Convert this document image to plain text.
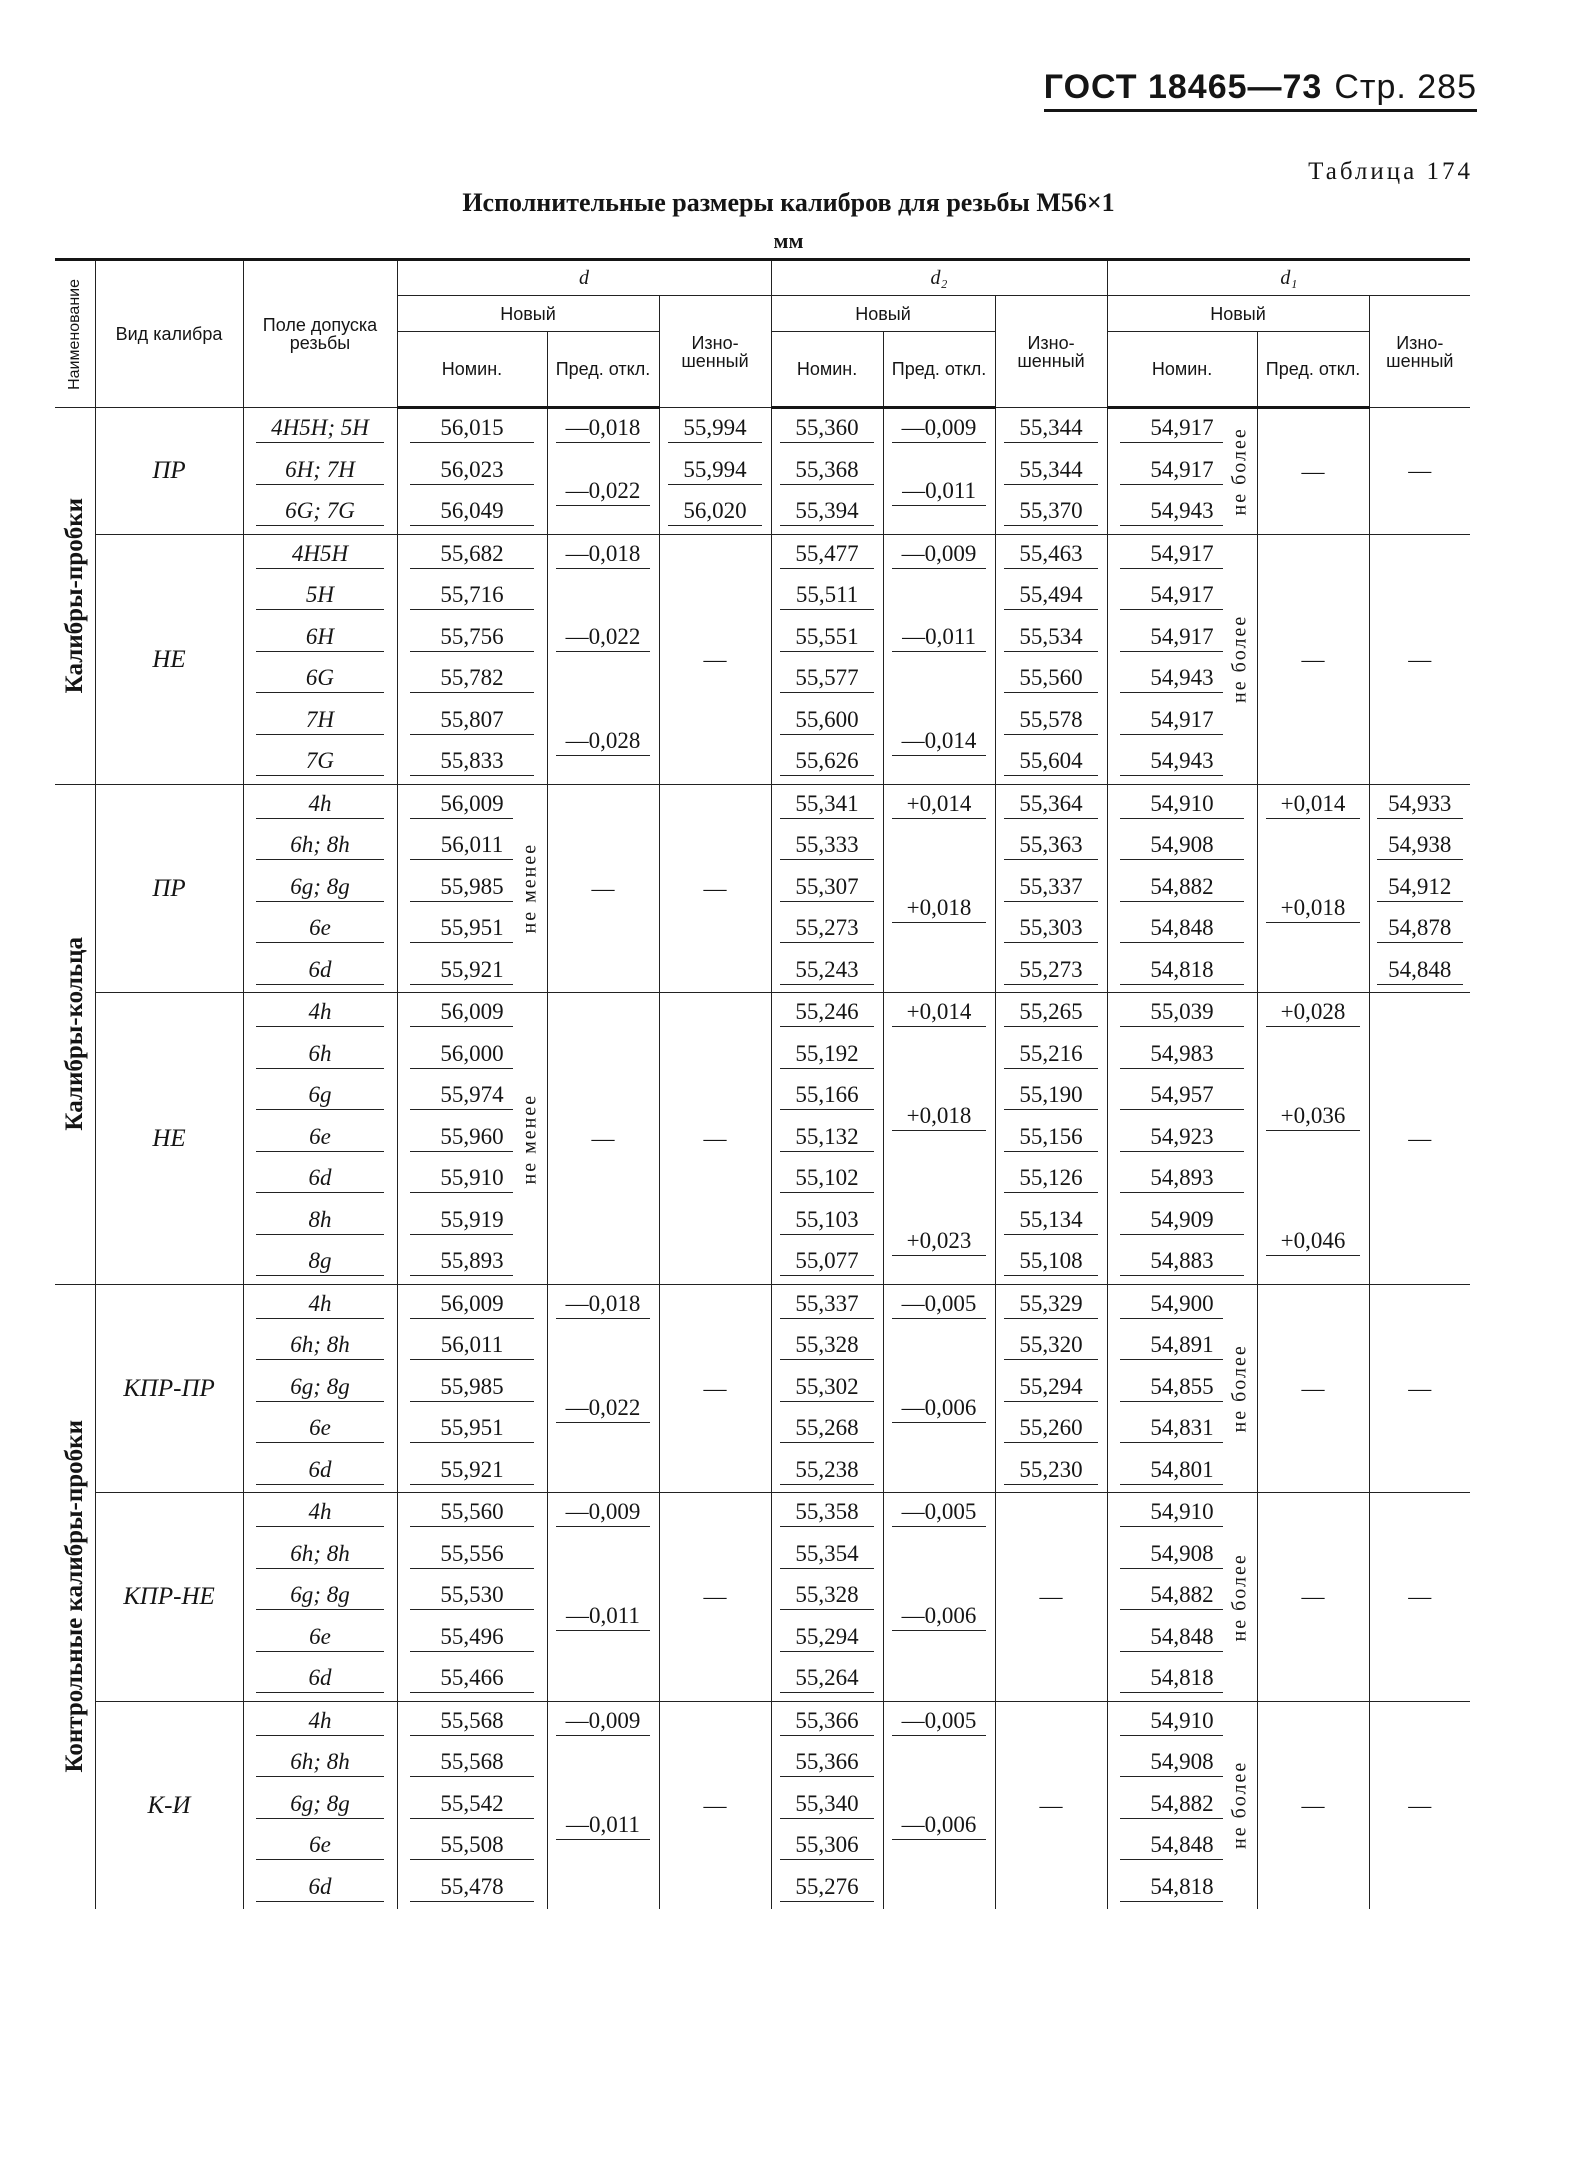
ГОСТ 18465—73 Стр. 285
Таблица 174
Исполнительные размеры калибров для резьбы М56×1
мм
Наименование	Вид калибра	Поле допуска резьбы	d			d₂			d₁		
			Новый		Изно-шенный	Новый		Изно-шенный	Новый		Изно-шенный
			Номин.	Пред. откл.		Номин.	Пред. откл.		Номин.	Пред. откл.	

Калибры-пробки	ПР	4H5H; 5H	56,015	—0,018	55,994	55,360	—0,009	55,344	54,917	—	—
		6H; 7H	56,023	—0,022	55,994	55,368	—0,011	55,344	54,917		
		6G; 7G	56,049		56,020	55,394		55,370	54,943		
	НЕ	4H5H	55,682	—0,018	—	55,477	—0,009	55,463	54,917	—	—
		5H	55,716	—0,022		55,511	—0,011	55,494	54,917		
		6H	55,756			55,551		55,534	54,917		
		6G	55,782			55,577		55,560	54,943		
		7H	55,807	—0,028		55,600	—0,014	55,578	54,917		
		7G	55,833			55,626		55,604	54,943		

Калибры-кольца	ПР	4h	56,009	—	—	55,341	+0,014	55,364	54,910	+0,014	54,933
		6h; 8h	56,011			55,333	+0,018	55,363	54,908	+0,018	54,938
		6g; 8g	55,985			55,307		55,337	54,882		54,912
		6e	55,951			55,273		55,303	54,848		54,878
		6d	55,921			55,243		55,273	54,818		54,848
	НЕ	4h	56,009	—	—	55,246	+0,014	55,265	55,039	+0,028	—
		6h	56,000			55,192	+0,018	55,216	54,983	+0,036	
		6g	55,974			55,166		55,190	54,957		
		6e	55,960			55,132		55,156	54,923		
		6d	55,910			55,102		55,126	54,893		
		8h	55,919			55,103	+0,023	55,134	54,909	+0,046	
		8g	55,893			55,077		55,108	54,883		

Контрольные калибры-пробки	КПР-ПР	4h	56,009	—0,018	—	55,337	—0,005	55,329	54,900	—	—
		6h; 8h	56,011	—0,022		55,328	—0,006	55,320	54,891		
		6g; 8g	55,985			55,302		55,294	54,855		
		6e	55,951			55,268		55,260	54,831		
		6d	55,921			55,238		55,230	54,801		
	КПР-НЕ	4h	55,560	—0,009	—	55,358	—0,005	—	54,910	—	—
		6h; 8h	55,556	—0,011		55,354	—0,006		54,908		
		6g; 8g	55,530			55,328			54,882		
		6e	55,496			55,294			54,848		
		6d	55,466			55,264			54,818		
	К-И	4h	55,568	—0,009	—	55,366	—0,005	—	54,910	—	—
		6h; 8h	55,568	—0,011		55,366	—0,006		54,908		
		6g; 8g	55,542			55,340			54,882		
		6e	55,508			55,306			54,848		
		6d	55,478			55,276			54,818		
не более
не более
не более
не более
не более
не менее
не менее
